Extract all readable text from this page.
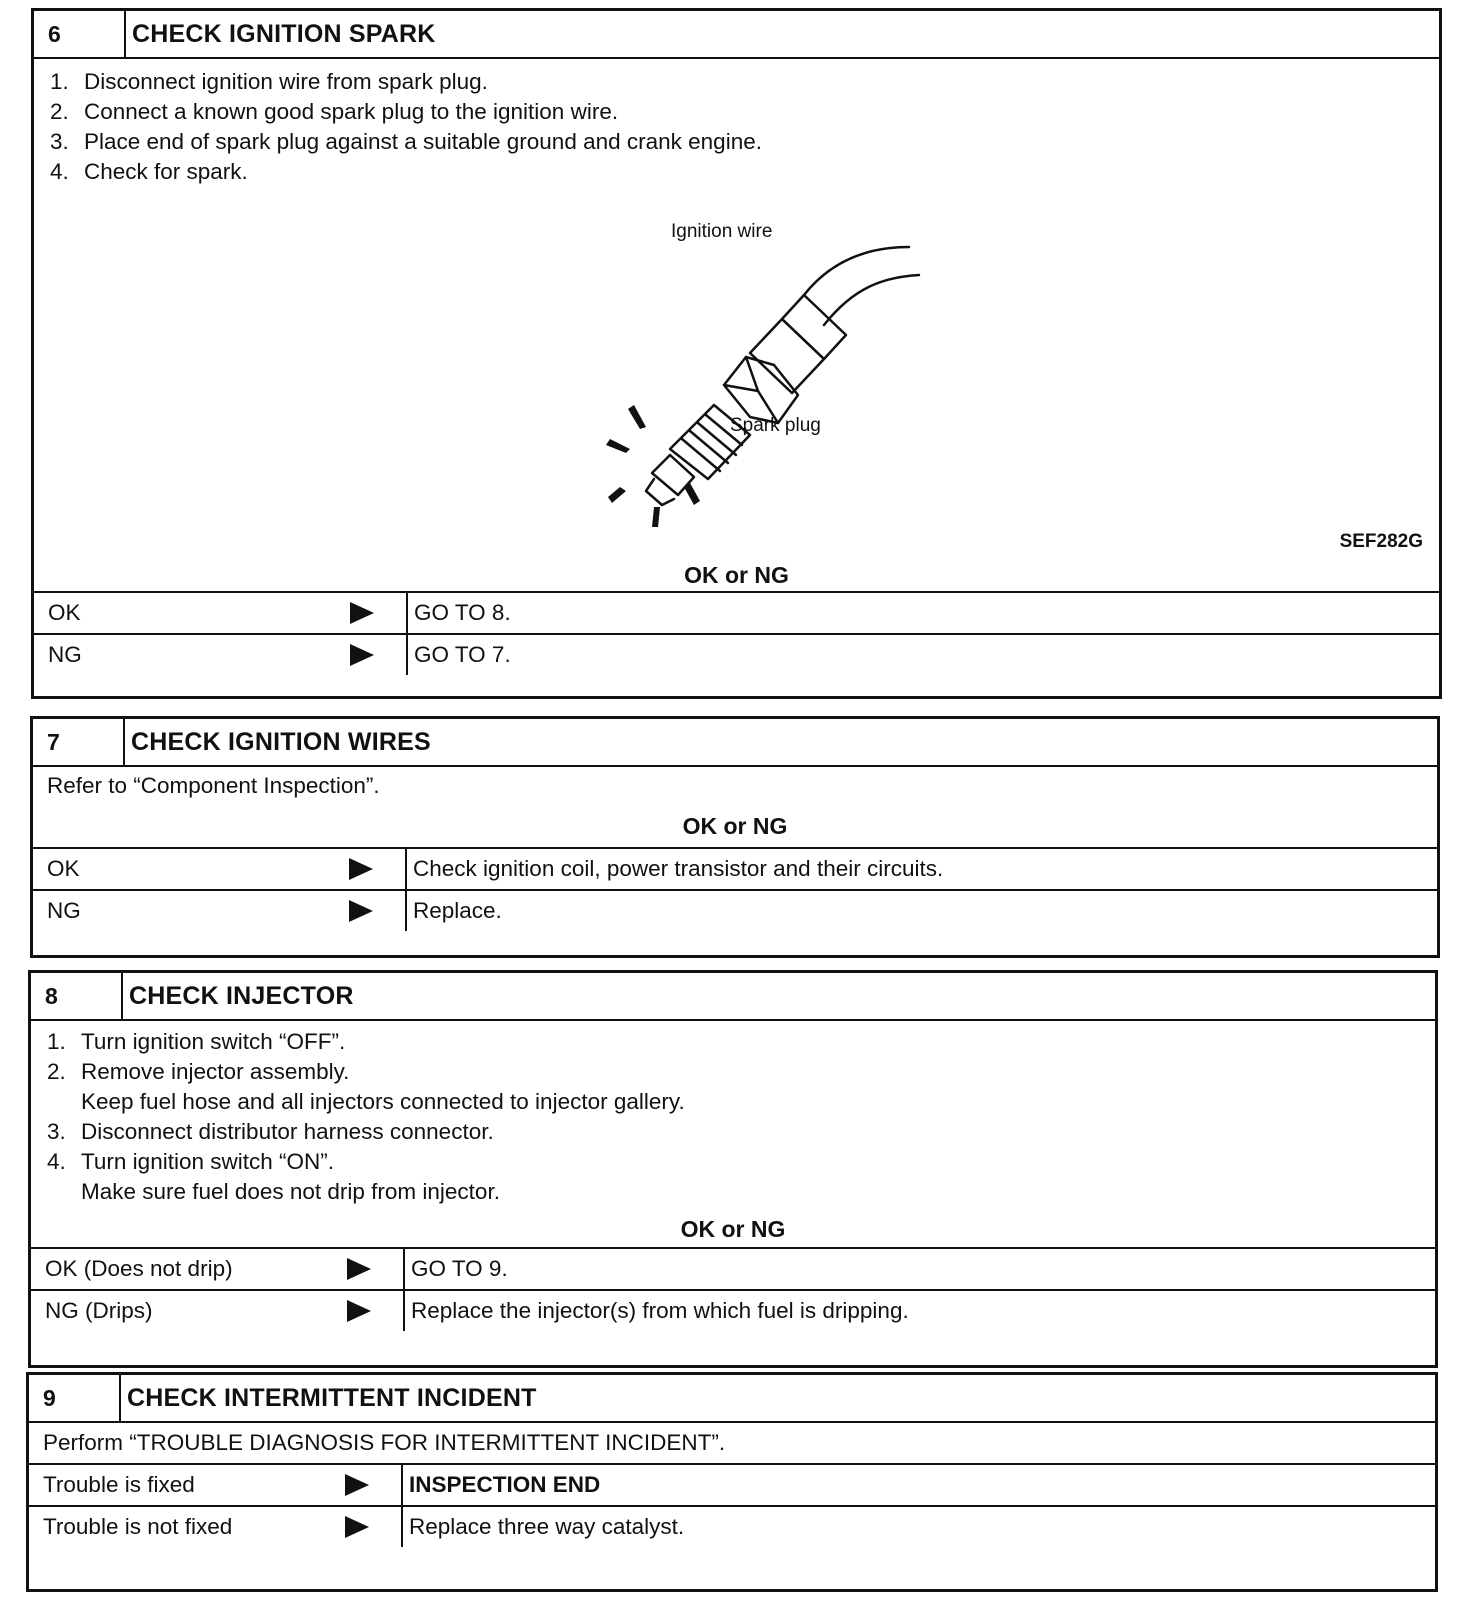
6	CHECK IGNITION SPARK
1. Disconnect ignition wire from spark plug.
2. Connect a known good spark plug to the ignition wire.
3. Place end of spark plug against a suitable ground and crank engine.
4. Check for spark.
Ignition wire
Spark plug
SEF282G
OK or NG
OK	GO TO 8.
NG	GO TO 7.
7	CHECK IGNITION WIRES
Refer to “Component Inspection”.
OK or NG
OK	Check ignition coil, power transistor and their circuits.
NG	Replace.
8	CHECK INJECTOR
1. Turn ignition switch “OFF”.
2. Remove injector assembly.
Keep fuel hose and all injectors connected to injector gallery.
3. Disconnect distributor harness connector.
4. Turn ignition switch “ON”.
Make sure fuel does not drip from injector.
OK or NG
OK (Does not drip)	GO TO 9.
NG (Drips)	Replace the injector(s) from which fuel is dripping.
9	CHECK INTERMITTENT INCIDENT
Perform “TROUBLE DIAGNOSIS FOR INTERMITTENT INCIDENT”.
Trouble is fixed	INSPECTION END
Trouble is not fixed	Replace three way catalyst.
